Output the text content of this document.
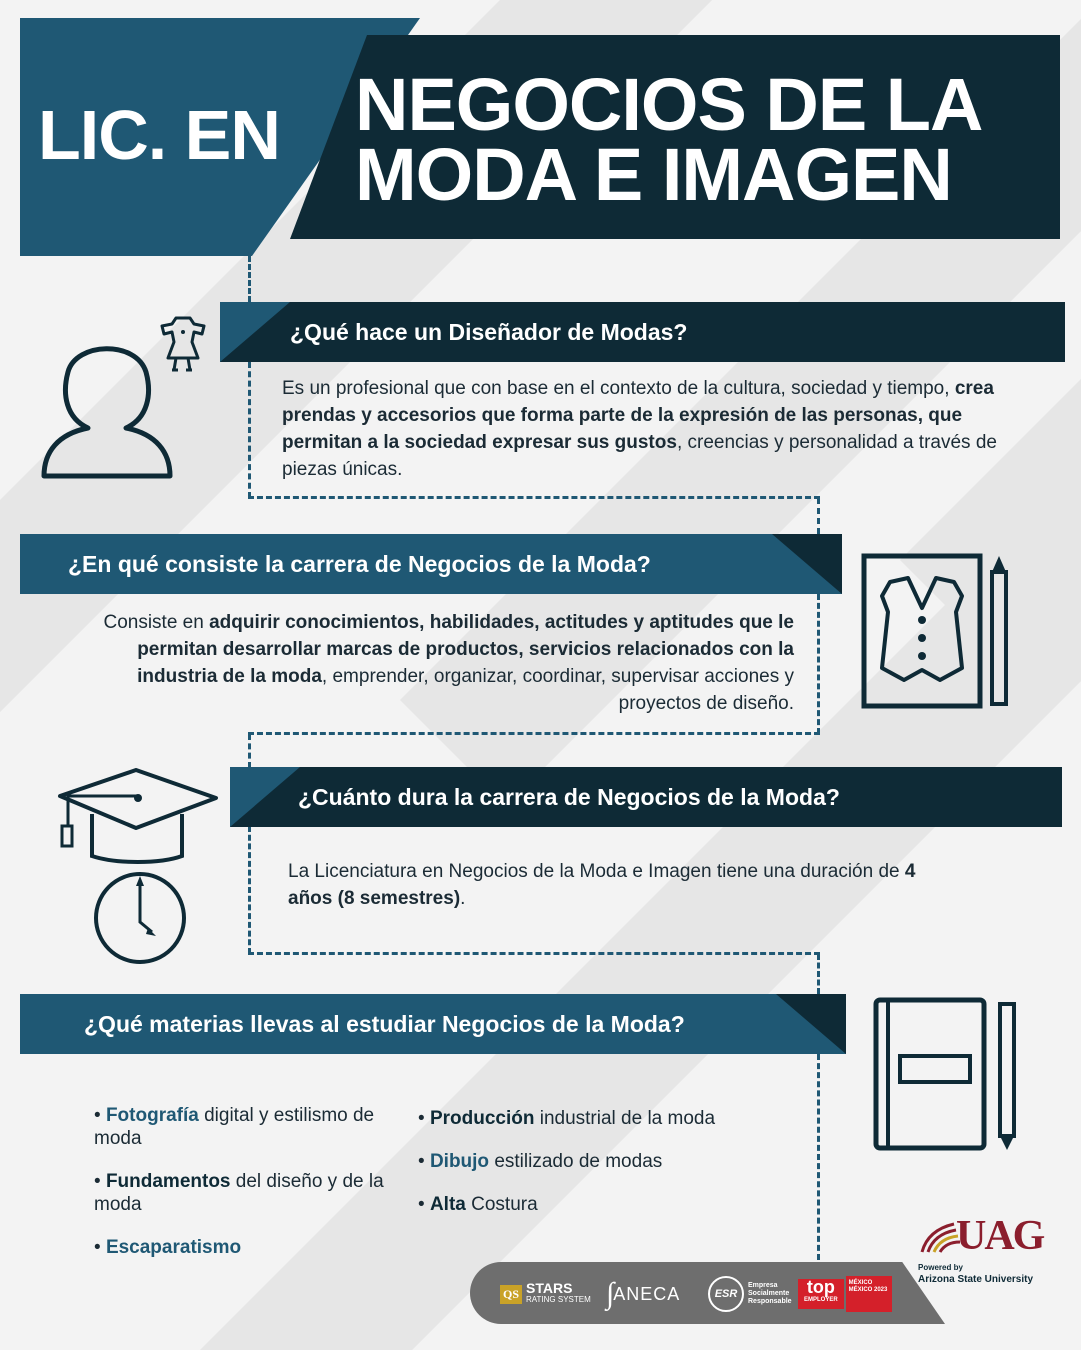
LIC. EN NEGOCIOS DE LA
MODA E IMAGEN
¿Qué hace un Diseñador de Modas?
Es un profesional que con base en el contexto de la cultura, sociedad y tiempo, crea prendas y accesorios que forma parte de la expresión de las personas, que permitan a la sociedad expresar sus gustos, creencias y personalidad a través de piezas únicas.
¿En qué consiste la carrera de Negocios de la Moda?
Consiste en adquirir conocimientos, habilidades, actitudes y aptitudes que le permitan desarrollar marcas de productos, servicios relacionados con la industria de la moda, emprender, organizar, coordinar, supervisar acciones y proyectos de diseño.
¿Cuánto dura la carrera de Negocios de la Moda?
La Licenciatura en Negocios de la Moda e Imagen tiene una duración de 4 años (8 semestres).
¿Qué materias llevas al estudiar Negocios de la Moda?
• Fotografía digital y estilismo de moda
• Fundamentos del diseño y de la moda
• Escaparatismo
• Producción industrial de la moda
• Dibujo estilizado de modas
• Alta Costura
QS STARS
RATING SYSTEM ∫
ANECA	ESR
Empresa Socialmente Responsable
top
EMPLOYER
MÉXICO MÉXICO 2023
UAG
Powered by
Arizona State University
